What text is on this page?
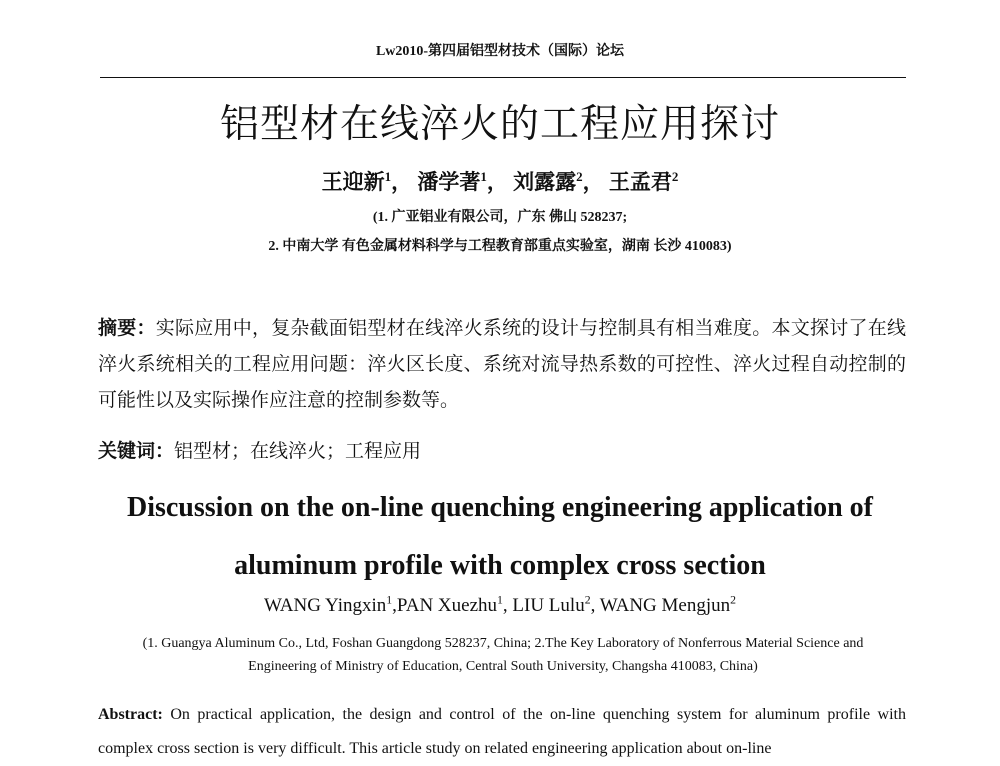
Lw2010-第四届铝型材技术（国际）论坛
铝型材在线淬火的工程应用探讨
王迎新$^1$， 潘学著$^1$， 刘露露$^2$， 王孟君$^2$
(1. 广亚铝业有限公司，广东 佛山 528237;
2. 中南大学 有色金属材料科学与工程教育部重点实验室，湖南 长沙 410083)
摘要：实际应用中，复杂截面铝型材在线淬火系统的设计与控制具有相当难度。本文探讨了在线淬火系统相关的工程应用问题：淬火区长度、系统对流导热系数的可控性、淬火过程自动控制的可能性以及实际操作应注意的控制参数等。
关键词：铝型材；在线淬火；工程应用
Discussion on the on-line quenching engineering application of
aluminum profile with complex cross section
WANG Yingxin$^1$,PAN Xuezhu$^1$, LIU Lulu$^2$, WANG Mengjun$^2$
(1. Guangya Aluminum Co., Ltd, Foshan Guangdong 528237, China; 2.The Key Laboratory of Nonferrous Material Science and
Engineering of Ministry of Education, Central South University, Changsha 410083, China)
Abstract: On practical application, the design and control of the on-line quenching system for aluminum profile with complex cross section is very difficult. This article study on related engineering application about on-line
